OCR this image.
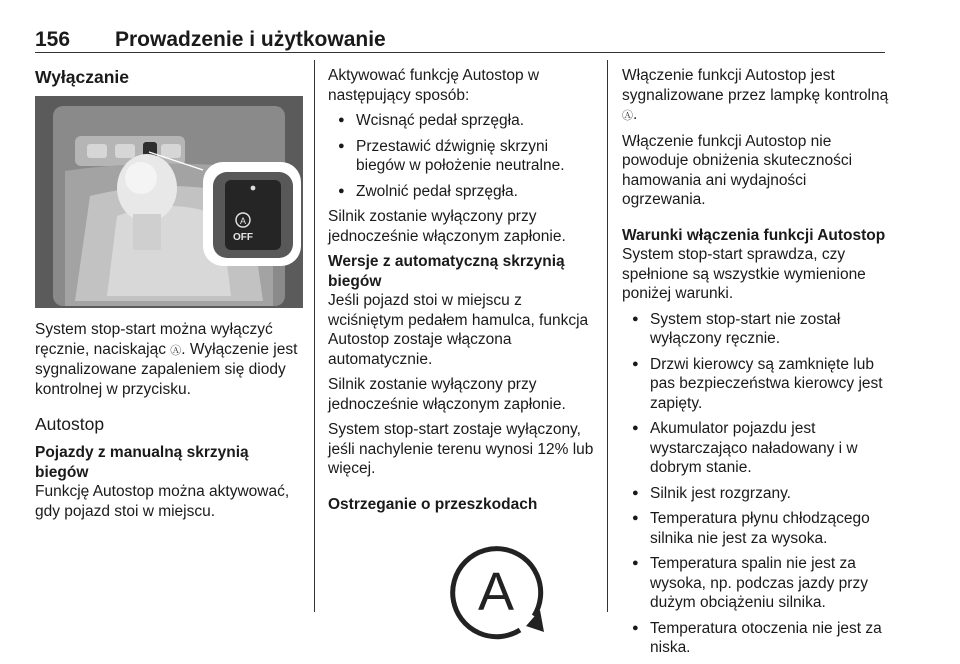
156 Prowadzenie i użytkowanie
Wyłączanie
A
OFF

System stop-start można wyłączyć ręcznie, naciskając Ⓐ. Wyłączenie jest sygnalizowane zapaleniem się diody kontrolnej w przycisku.

Autostop
Pojazdy z manualną skrzynią biegów

Funkcję Autostop można aktywować, gdy pojazd stoi w miejscu.

Aktywować funkcję Autostop w następujący sposób:

● Wcisnąć pedał sprzęgła.
● Przestawić dźwignię skrzyni biegów w położenie neutralne.
● Zwolnić pedał sprzęgła.

Silnik zostanie wyłączony przy jednocześnie włączonym zapłonie.

Wersje z automatyczną skrzynią biegów

Jeśli pojazd stoi w miejscu z wciśniętym pedałem hamulca, funkcja Autostop zostaje włączona automatycznie.

Silnik zostanie wyłączony przy jednocześnie włączonym zapłonie.

System stop-start zostaje wyłączony, jeśli nachylenie terenu wynosi 12% lub więcej.

Ostrzeganie o przeszkodach
A

Włączenie funkcji Autostop jest sygnalizowane przez lampkę kontrolną Ⓐ.

Włączenie funkcji Autostop nie powoduje obniżenia skuteczności hamowania ani wydajności ogrzewania.

Warunki włączenia funkcji Autostop

System stop-start sprawdza, czy spełnione są wszystkie wymienione poniżej warunki.

● System stop-start nie został wyłączony ręcznie.
● Drzwi kierowcy są zamknięte lub pas bezpieczeństwa kierowcy jest zapięty.
● Akumulator pojazdu jest wystarczająco naładowany i w dobrym stanie.
● Silnik jest rozgrzany.
● Temperatura płynu chłodzącego silnika nie jest za wysoka.
● Temperatura spalin nie jest za wysoka, np. podczas jazdy przy dużym obciążeniu silnika.
● Temperatura otoczenia nie jest za niska.
